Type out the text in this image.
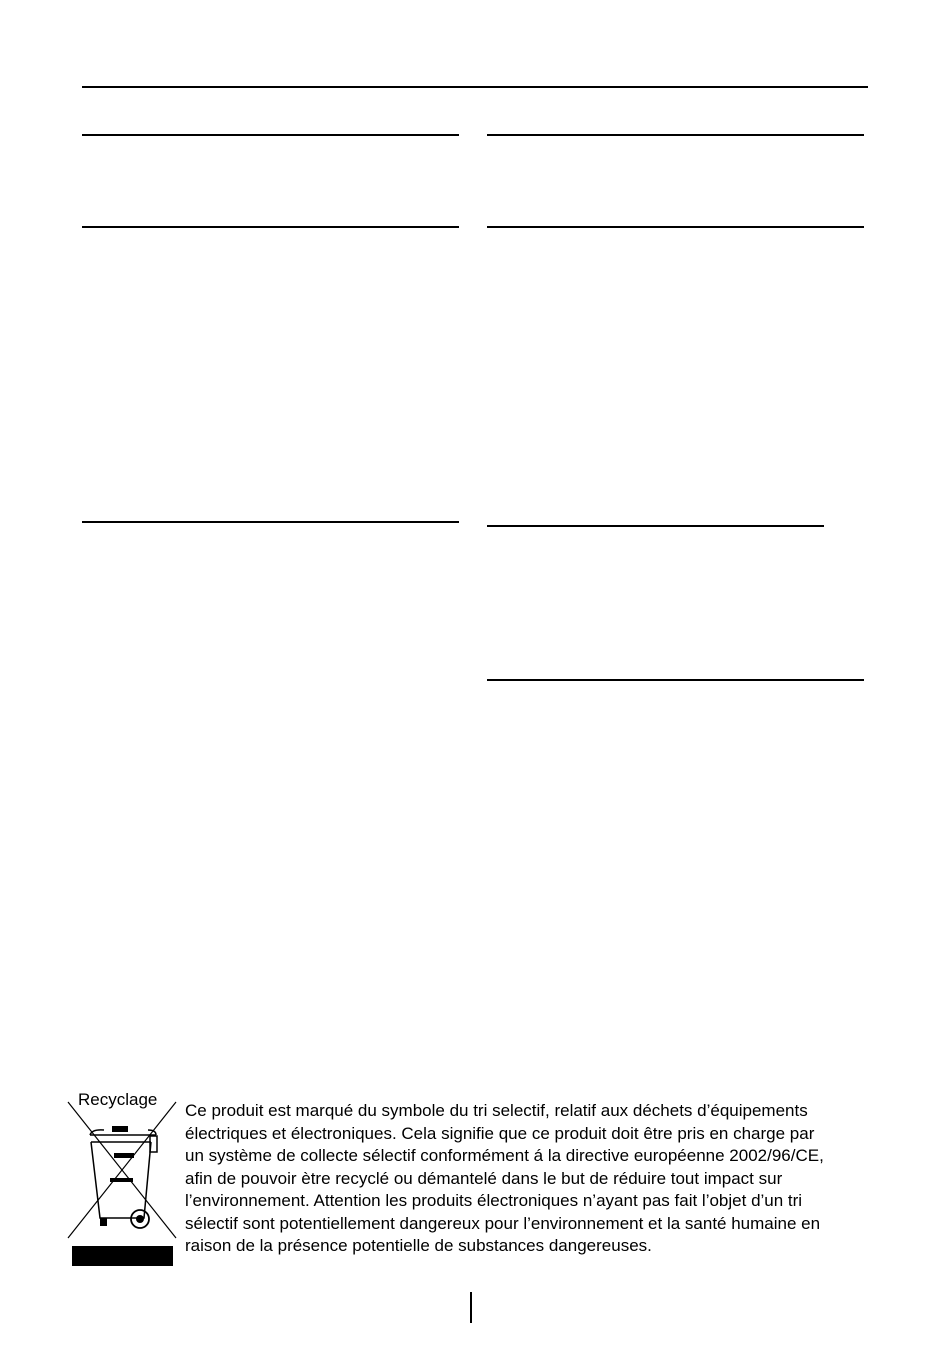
Recyclage
Ce produit est marqué du symbole du tri selectif, relatif aux déchets d’équipements
électriques et électroniques. Cela signifie que ce produit doit être pris en charge par
un système de collecte sélectif conformément á la directive européenne 2002/96/CE,
afin de pouvoir ètre recyclé ou démantelé dans le but de réduire tout impact sur
l’environnement. Attention les produits électroniques n’ayant pas fait l’objet d’un tri
sélectif sont potentiellement dangereux pour l’environnement et la santé humaine en
raison de la présence potentielle de substances dangereuses.
